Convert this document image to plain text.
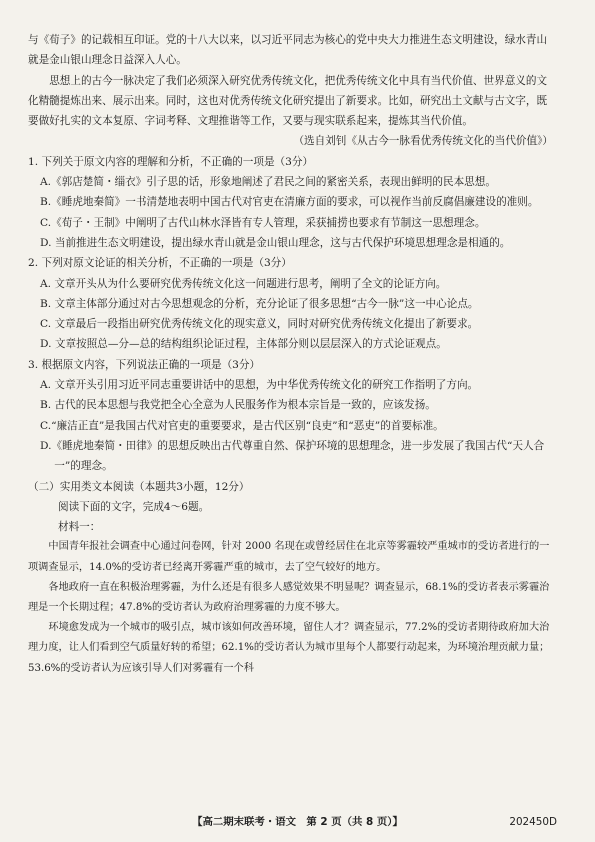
与《荀子》的记载相互印证。党的十八大以来，以习近平同志为核心的党中央大力推进生态文明建设，绿水青山就是金山银山理念日益深入人心。

思想上的古今一脉决定了我们必须深入研究优秀传统文化，把优秀传统文化中具有当代价值、世界意义的文化精髓提炼出来、展示出来。同时，这也对优秀传统文化研究提出了新要求。比如，研究出土文献与古文字，既要做好扎实的文本复原、字词考释、文理推谐等工作，又要与现实联系起来，提炼其当代价值。

（选自刘钊《从古今一脉看优秀传统文化的当代价值》）

1. 下列关于原文内容的理解和分析，不正确的一项是（3分）

A.《郭店楚简・缁衣》引子思的话，形象地阐述了君民之间的紧密关系，表现出鲜明的民本思想。

B.《睡虎地秦简》一书清楚地表明中国古代对官吏在清廉方面的要求，可以视作当前反腐倡廉建设的准则。

C.《荀子・王制》中阐明了古代山林水泽皆有专人管理，采获捕捞也要求有节制这一思想理念。

D. 当前推进生态文明建设，提出绿水青山就是金山银山理念，这与古代保护环境思想理念是相通的。

2. 下列对原文论证的相关分析，不正确的一项是（3分）

A. 文章开头从为什么要研究优秀传统文化这一问题进行思考，阐明了全文的论证方向。

B. 文章主体部分通过对古今思想观念的分析，充分论证了很多思想“古今一脉”这一中心论点。

C. 文章最后一段指出研究优秀传统文化的现实意义，同时对研究优秀传统文化提出了新要求。

D. 文章按照总—分—总的结构组织论证过程，主体部分则以层层深入的方式论证观点。

3. 根据原文内容，下列说法正确的一项是（3分）

A. 文章开头引用习近平同志重要讲话中的思想，为中华优秀传统文化的研究工作指明了方向。

B. 古代的民本思想与我党把全心全意为人民服务作为根本宗旨是一致的，应该发扬。

C.“廉洁正直”是我国古代对官吏的重要要求，是古代区别“良吏”和“恶吏”的首要标准。

D.《睡虎地秦简・田律》的思想反映出古代尊重自然、保护环境的思想理念，进一步发展了我国古代“天人合一”的理念。

（二）实用类文本阅读（本题共3小题，12分）

阅读下面的文字，完成4～6题。

材料一：

中国青年报社会调查中心通过问卷网，针对 2000 名现在或曾经居住在北京等雾霾较严重城市的受访者进行的一项调查显示，14.0%的受访者已经离开雾霾严重的城市，去了空气较好的地方。

各地政府一直在积极治理雾霾，为什么还是有很多人感觉效果不明显呢？调查显示，68.1%的受访者表示雾霾治理是一个长期过程；47.8%的受访者认为政府治理雾霾的力度不够大。

环境愈发成为一个城市的吸引点，城市该如何改善环境，留住人才？调查显示，77.2%的受访者期待政府加大治理力度，让人们看到空气质量好转的希望；62.1%的受访者认为城市里每个人都要行动起来，为环境治理贡献力量；53.6%的受访者认为应该引导人们对雾霾有一个科

【高二期末联考・语文　第 2 页（共 8 页）】	202450D
